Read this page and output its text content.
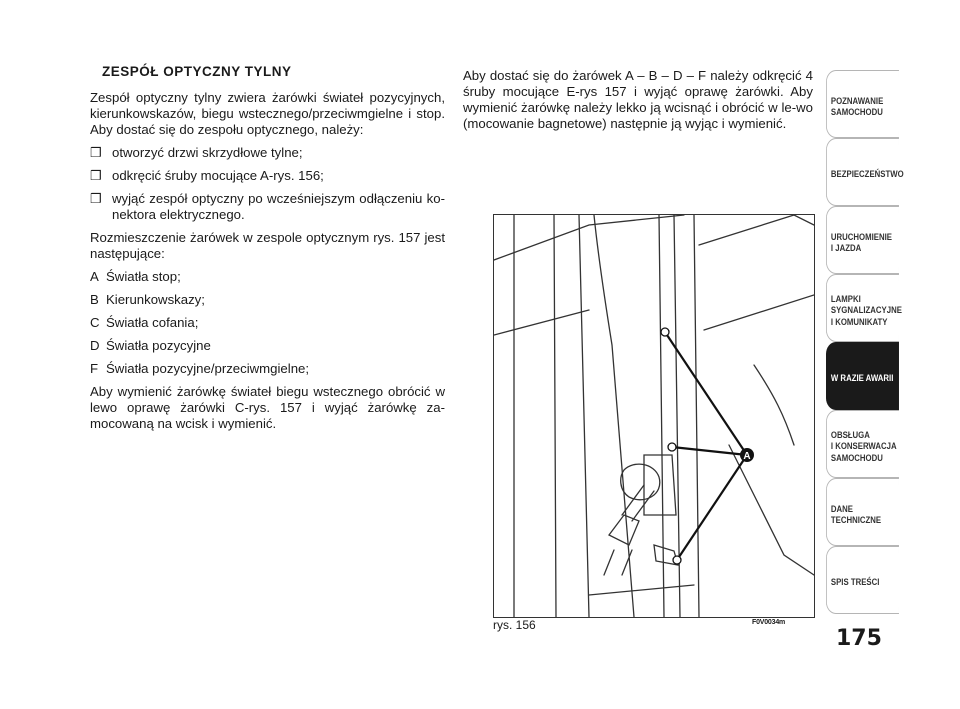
ZESPÓŁ OPTYCZNY TYLNY

Zespół optyczny tylny zwiera żarówki świateł pozycyjnych, kierunkowskazów, biegu wstecznego/przeciwmgielne i stop. Aby dostać się do zespołu optycznego, należy:

❒ otworzyć drzwi skrzydłowe tylne;
❒ odkręcić śruby mocujące A-rys. 156;
❒ wyjąć zespół optyczny po wcześniejszym odłączeniu ko-nektora elektrycznego.

Rozmieszczenie żarówek w zespole optycznym rys. 157 jest następujące:

A Światła stop;
B Kierunkowskazy;
C Światła cofania;
D Światła pozycyjne
F Światła pozycyjne/przeciwmgielne;

Aby wymienić żarówkę świateł biegu wstecznego obrócić w lewo oprawę żarówki C-rys. 157 i wyjąć żarówkę za-mocowaną na wcisk i wymienić.

Aby dostać się do żarówek A – B – D – F należy odkręcić 4 śruby mocujące E-rys 157 i wyjąć oprawę żarówki. Aby wymienić żarówkę należy lekko ją wcisnąć i obrócić w le-wo (mocowanie bagnetowe) następnie ją wyjąc i wymienić.

A
rys. 156	F0V0034m
175
POZNAWANIE
SAMOCHODU
BEZPIECZEŃSTWO
URUCHOMIENIE
I JAZDA
LAMPKI
SYGNALIZACYJNE
I KOMUNIKATY
W RAZIE AWARII
OBSŁUGA
I KONSERWACJA
SAMOCHODU
DANE
TECHNICZNE
SPIS TREŚCI
